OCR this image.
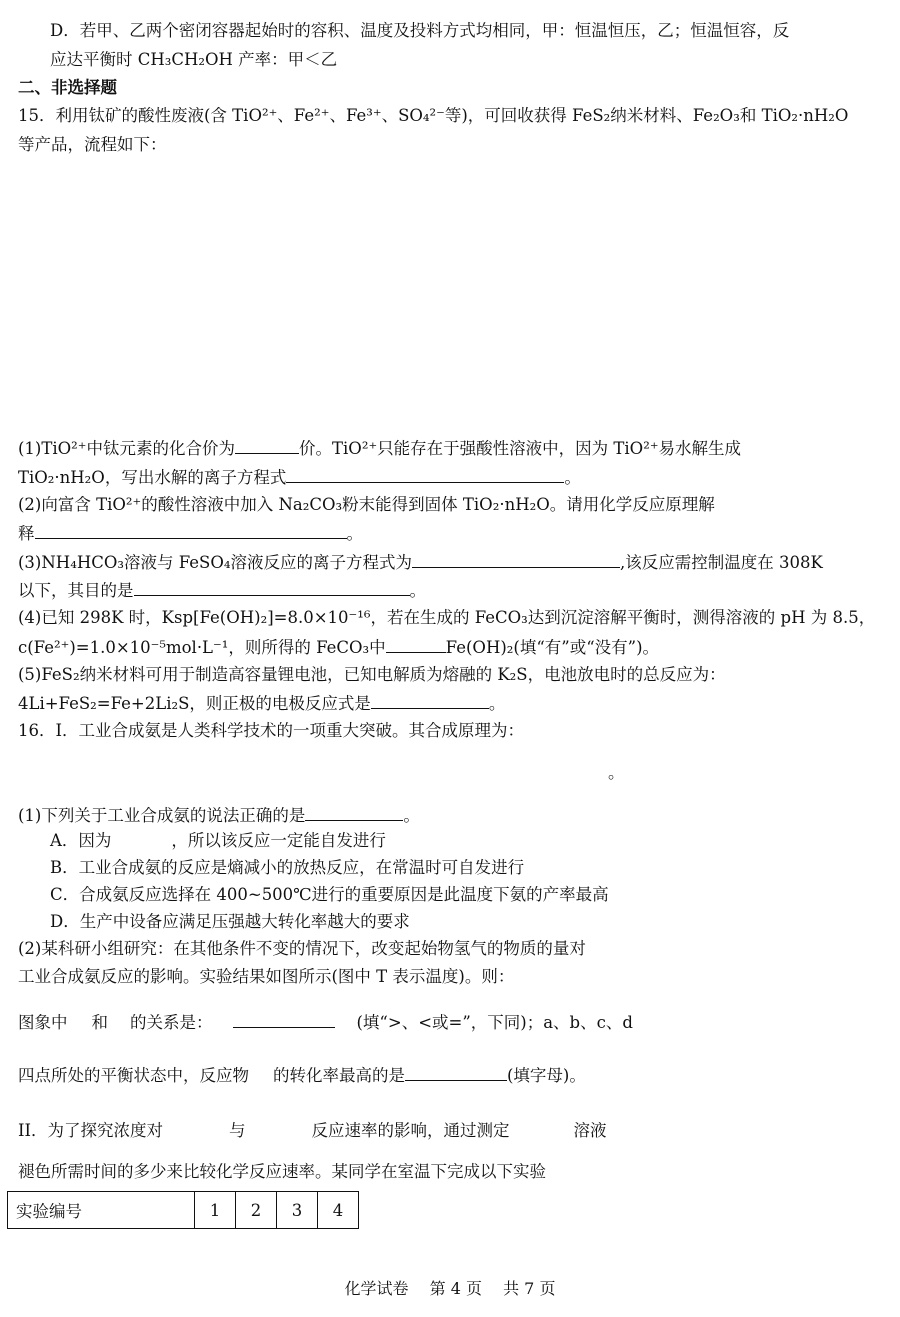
D．若甲、乙两个密闭容器起始时的容积、温度及投料方式均相同，甲：恒温恒压，乙；恒温恒容，反
应达平衡时 CH₃CH₂OH 产率：甲＜乙
二、非选择题
15．利用钛矿的酸性废液(含 TiO²⁺、Fe²⁺、Fe³⁺、SO₄²⁻等)，可回收获得 FeS₂纳米材料、Fe₂O₃和 TiO₂·nH₂O
等产品，流程如下：
(1)TiO²⁺中钛元素的化合价为	价。TiO²⁺只能存在于强酸性溶液中，因为 TiO²⁺易水解生成
TiO₂·nH₂O，写出水解的离子方程式	。
(2)向富含 TiO²⁺的酸性溶液中加入 Na₂CO₃粉末能得到固体 TiO₂·nH₂O。请用化学反应原理解
释	。
(3)NH₄HCO₃溶液与 FeSO₄溶液反应的离子方程式为	,该反应需控制温度在 308K
以下，其目的是	。
(4)已知 298K 时，Ksp[Fe(OH)₂]=8.0×10⁻¹⁶，若在生成的 FeCO₃达到沉淀溶解平衡时，测得溶液的 pH 为 8.5，
c(Fe²⁺)=1.0×10⁻⁵mol·L⁻¹，则所得的 FeCO₃中	Fe(OH)₂(填“有”或“没有”)。
(5)FeS₂纳米材料可用于制造高容量锂电池，已知电解质为熔融的 K₂S，电池放电时的总反应为：
4Li+FeS₂=Fe+2Li₂S，则正极的电极反应式是	。
16．I．工业合成氨是人类科学技术的一项重大突破。其合成原理为：
。
(1)下列关于工业合成氨的说法正确的是	。
A．因为	，所以该反应一定能自发进行
B．工业合成氨的反应是熵减小的放热反应，在常温时可自发进行
C．合成氨反应选择在 400~500℃进行的重要原因是此温度下氨的产率最高
D．生产中设备应满足压强越大转化率越大的要求
(2)某科研小组研究：在其他条件不变的情况下，改变起始物氢气的物质的量对
工业合成氨反应的影响。实验结果如图所示(图中 T 表示温度)。则：
图象中 和 的关系是：	(填“>、<或=”，下同)；a、b、c、d
四点所处的平衡状态中，反应物 的转化率最高的是	(填字母)。
II．为了探究浓度对	与	反应速率的影响，通过测定	溶液
褪色所需时间的多少来比较化学反应速率。某同学在室温下完成以下实验
实验编号	1	2	3	4
化学试卷 第 4 页 共 7 页
